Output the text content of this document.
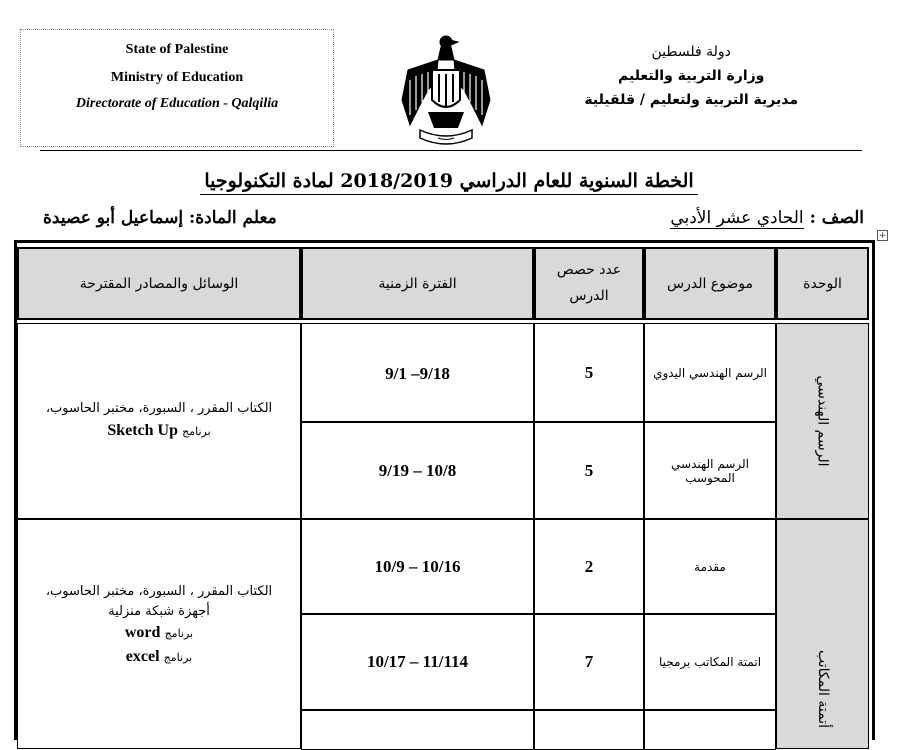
State of Palestine
Ministry of Education
Directorate of Education - Qalqilia
دولة فلسطين
وزارة التربية والتعليم
مديرية التربية ولتعليم / قلقيلية
الخطة السنوية للعام الدراسي 2018/2019 لمادة التكنولوجيا
الصف : الحادي عشر الأدبي
معلم المادة: إسماعيل أبو عصيدة
+
الوحدة
موضوع الدرس
عدد حصص الدرس
الفترة الزمنية
الوسائل والمصادر المقترحة
الرسم الهندسي
الرسم الهندسي اليدوي
5
9/1 –9/18
الرسم الهندسي المحوسب
5
9/19 – 10/8
الكتاب المقرر ، السبورة، مختبر الحاسوب،
برنامج Sketch Up
أتمتة المكاتب
مقدمة
2
10/9 – 10/16
اتمتة المكاتب برمجيا
7
10/17 – 11/114
الكتاب المقرر ، السبورة، مختبر الحاسوب،
أجهزة شبكة منزلية
برنامج word
برنامج excel
